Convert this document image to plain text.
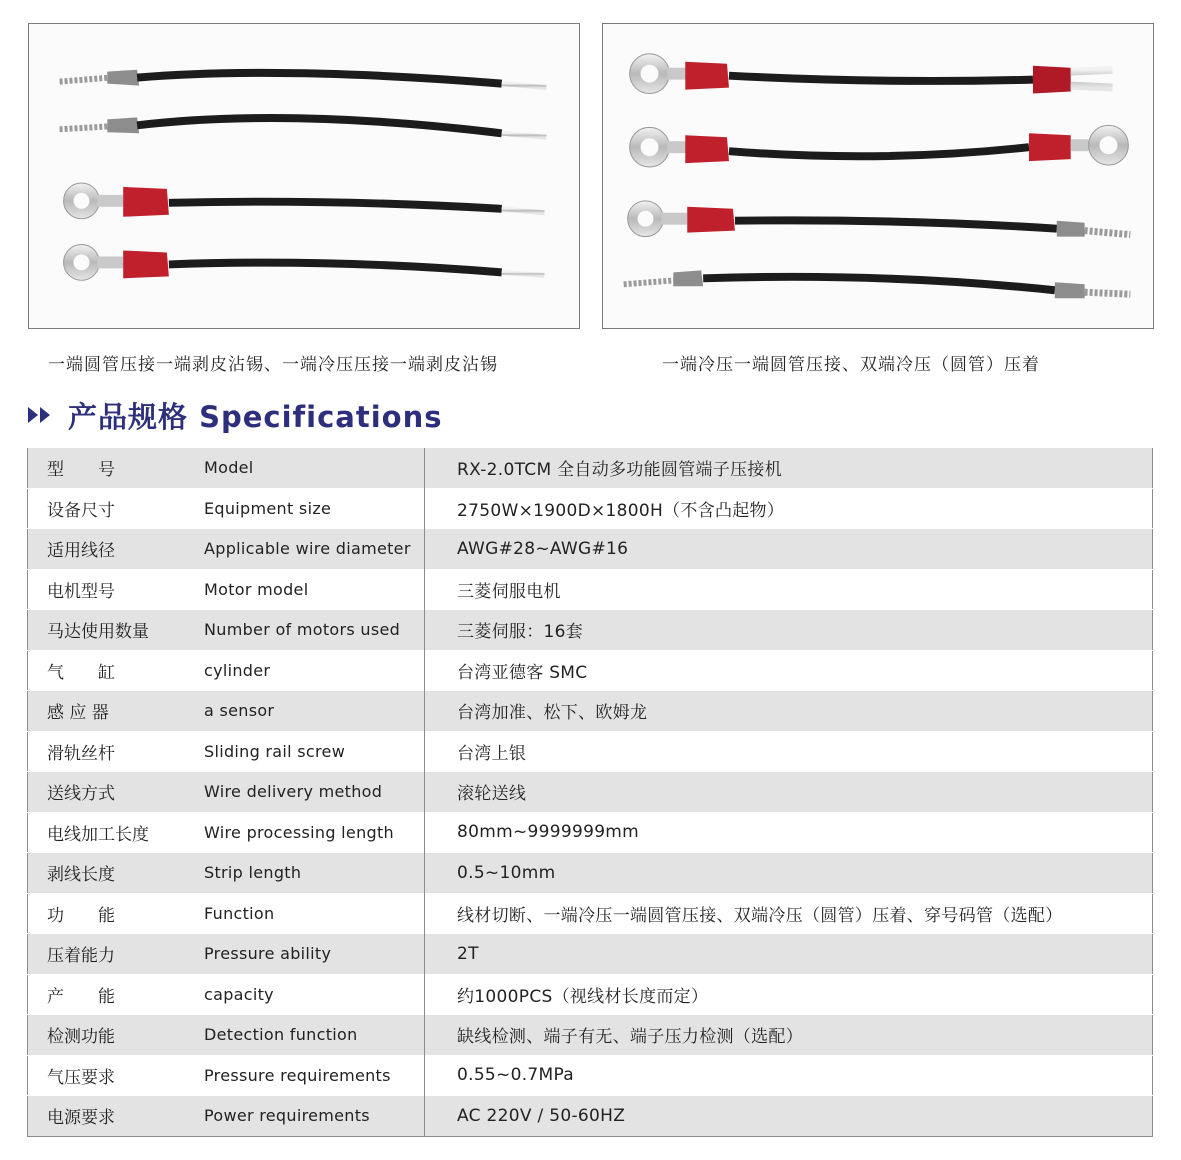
一端圆管压接一端剥皮沾锡、一端冷压压接一端剥皮沾锡	一端冷压一端圆管压接、双端冷压（圆管）压着
产品规格 Specifications
型　　号	Model	RX-2.0TCM 全自动多功能圆管端子压接机
设备尺寸	Equipment size	2750W×1900D×1800H（不含凸起物）
适用线径	Applicable wire diameter	AWG#28~AWG#16
电机型号	Motor model	三菱伺服电机
马达使用数量	Number of motors used	三菱伺服：16套
气　　缸	cylinder	台湾亚德客 SMC
感 应 器	a sensor	台湾加准、松下、欧姆龙
滑轨丝杆	Sliding rail screw	台湾上银
送线方式	Wire delivery method	滚轮送线
电线加工长度	Wire processing length	80mm~9999999mm
剥线长度	Strip length	0.5~10mm
功　　能	Function	线材切断、一端冷压一端圆管压接、双端冷压（圆管）压着、穿号码管（选配）
压着能力	Pressure ability	2T
产　　能	capacity	约1000PCS（视线材长度而定）
检测功能	Detection function	缺线检测、端子有无、端子压力检测（选配）
气压要求	Pressure requirements	0.55~0.7MPa
电源要求	Power requirements	AC 220V / 50-60HZ
